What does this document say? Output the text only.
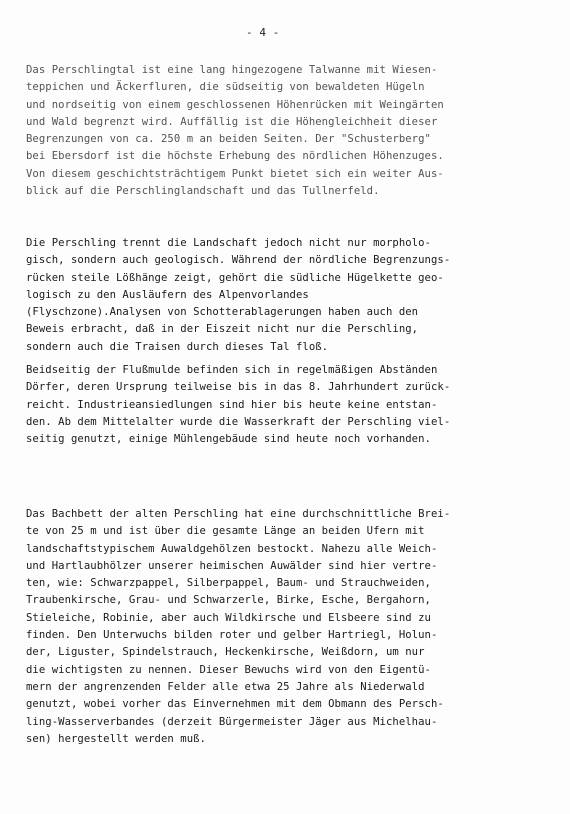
- 4 -
Das Perschlingtal ist eine lang hingezogene Talwanne mit Wiesen-
teppichen und Äckerfluren, die südseitig von bewaldeten Hügeln
und nordseitig von einem geschlossenen Höhenrücken mit Weingärten
und Wald begrenzt wird. Auffällig ist die Höhengleichheit dieser
Begrenzungen von ca. 250 m an beiden Seiten. Der "Schusterberg"
bei Ebersdorf ist die höchste Erhebung des nördlichen Höhenzuges.
Von diesem geschichtsträchtigem Punkt bietet sich ein weiter Aus-
blick auf die Perschlinglandschaft und das Tullnerfeld.
Die Perschling trennt die Landschaft jedoch nicht nur morpholo-
gisch, sondern auch geologisch. Während der nördliche Begrenzungs-
rücken steile Lößhänge zeigt, gehört die südliche Hügelkette geo-
logisch zu den Ausläufern des Alpenvorlandes
(Flyschzone).Analysen von Schotterablagerungen haben auch den
Beweis erbracht, daß in der Eiszeit nicht nur die Perschling,
sondern auch die Traisen durch dieses Tal floß.
Beidseitig der Flußmulde befinden sich in regelmäßigen Abständen
Dörfer, deren Ursprung teilweise bis in das 8. Jahrhundert zurück-
reicht. Industrieansiedlungen sind hier bis heute keine entstan-
den. Ab dem Mittelalter wurde die Wasserkraft der Perschling viel-
seitig genutzt, einige Mühlengebäude sind heute noch vorhanden.
Das Bachbett der alten Perschling hat eine durchschnittliche Brei-
te von 25 m und ist über die gesamte Länge an beiden Ufern mit
landschaftstypischem Auwaldgehölzen bestockt. Nahezu alle Weich-
und Hartlaubhölzer unserer heimischen Auwälder sind hier vertre-
ten, wie: Schwarzpappel, Silberpappel, Baum- und Strauchweiden,
Traubenkirsche, Grau- und Schwarzerle, Birke, Esche, Bergahorn,
Stieleiche, Robinie, aber auch Wildkirsche und Elsbeere sind zu
finden. Den Unterwuchs bilden roter und gelber Hartriegl, Holun-
der, Liguster, Spindelstrauch, Heckenkirsche, Weißdorn, um nur
die wichtigsten zu nennen. Dieser Bewuchs wird von den Eigentü-
mern der angrenzenden Felder alle etwa 25 Jahre als Niederwald
genutzt, wobei vorher das Einvernehmen mit dem Obmann des Persch-
ling-Wasserverbandes (derzeit Bürgermeister Jäger aus Michelhau-
sen) hergestellt werden muß.
